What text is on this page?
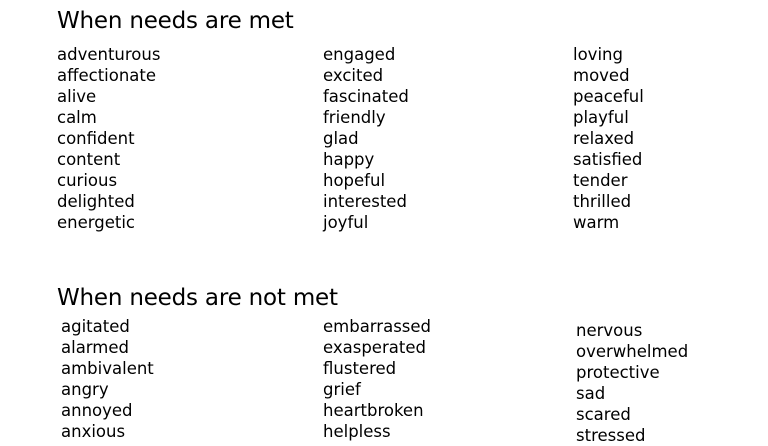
When needs are met
adventurous
affectionate
alive
calm
confident
content
curious
delighted
energetic
engaged
excited
fascinated
friendly
glad
happy
hopeful
interested
joyful
loving
moved
peaceful
playful
relaxed
satisfied
tender
thrilled
warm
When needs are not met
agitated
alarmed
ambivalent
angry
annoyed
anxious
embarrassed
exasperated
flustered
grief
heartbroken
helpless
nervous
overwhelmed
protective
sad
scared
stressed
